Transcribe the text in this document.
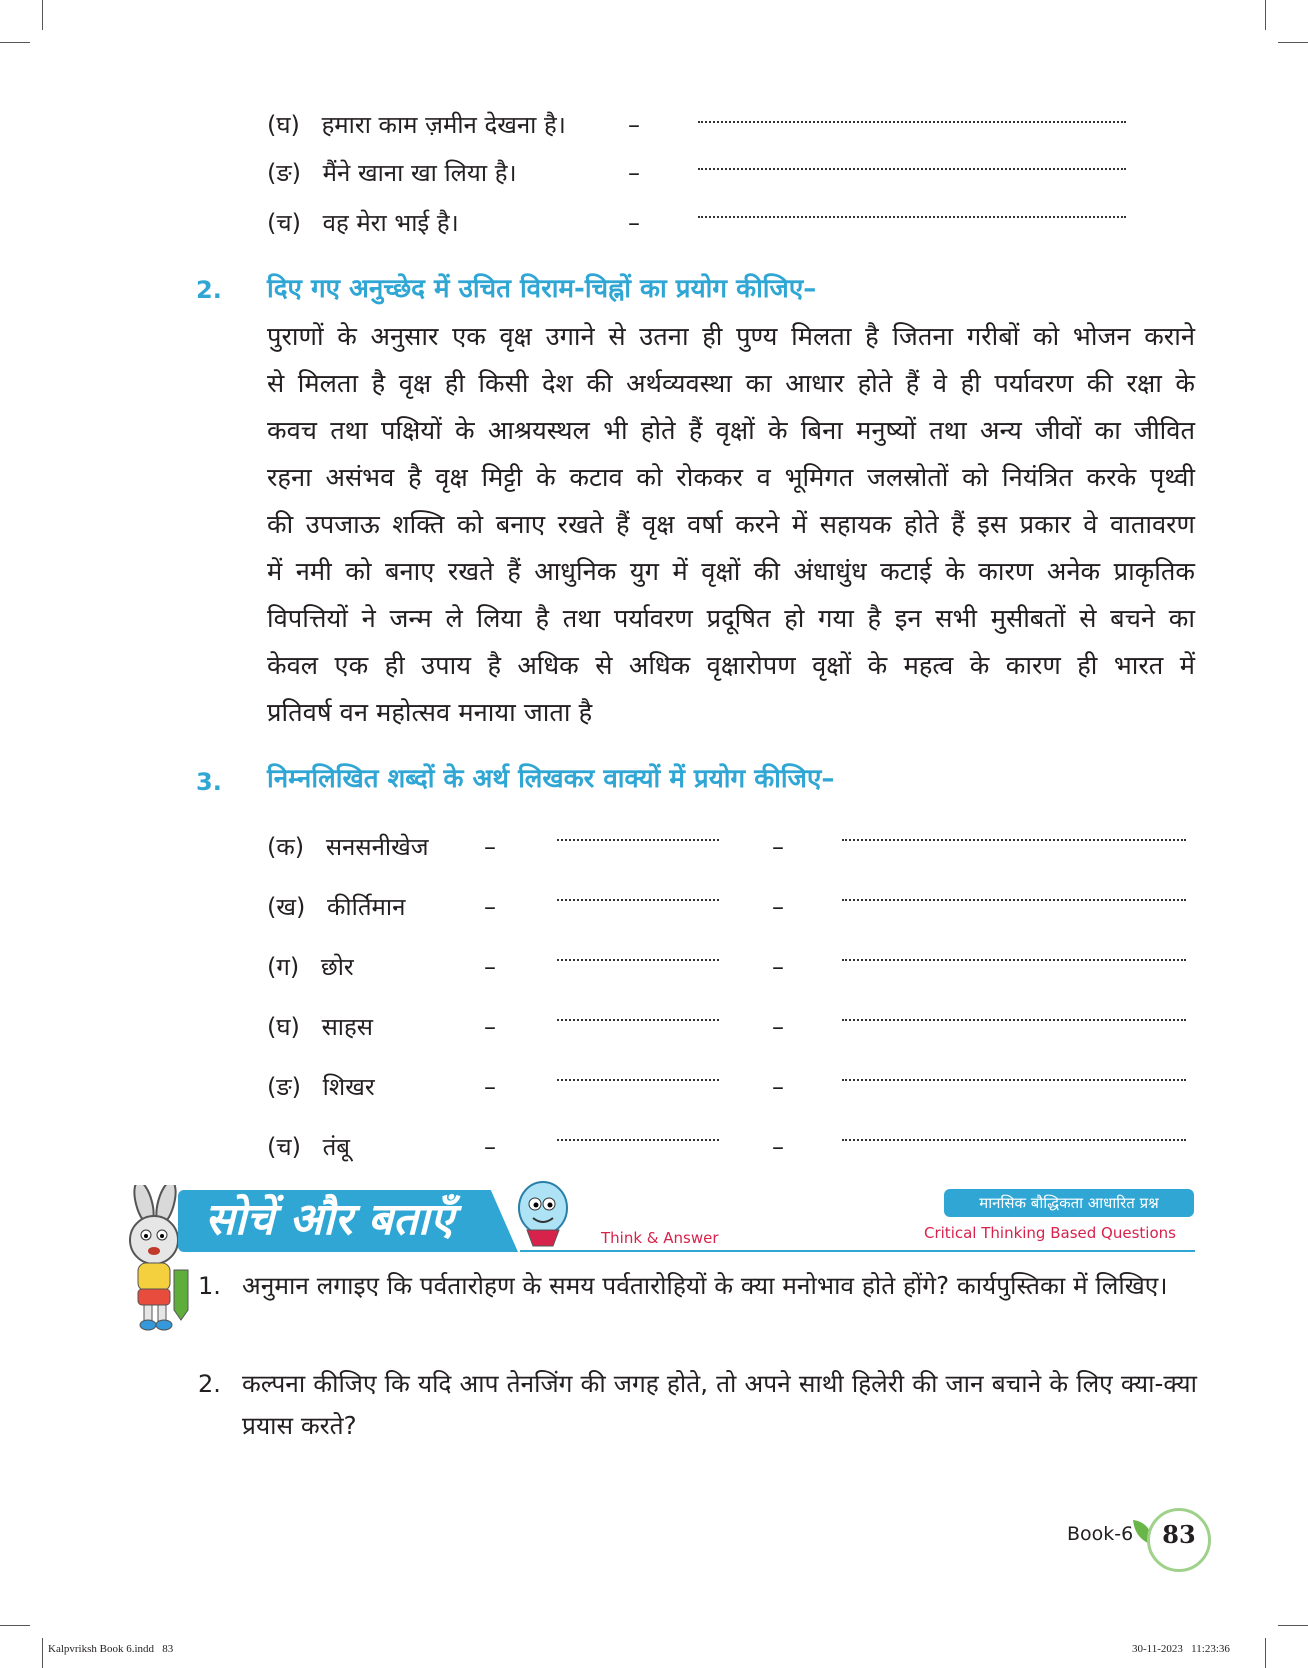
(घ) हमारा काम ज़मीन देखना है।	–
(ङ) मैंने खाना खा लिया है।	–
(च) वह मेरा भाई है।	–
2. दिए गए अनुच्छेद में उचित विराम-चिह्नों का प्रयोग कीजिए–
पुराणों के अनुसार एक वृक्ष उगाने से उतना ही पुण्य मिलता है जितना गरीबों को भोजन कराने
से मिलता है वृक्ष ही किसी देश की अर्थव्यवस्था का आधार होते हैं वे ही पर्यावरण की रक्षा के
कवच तथा पक्षियों के आश्रयस्थल भी होते हैं वृक्षों के बिना मनुष्यों तथा अन्य जीवों का जीवित
रहना असंभव है वृक्ष मिट्टी के कटाव को रोककर व भूमिगत जलस्रोतों को नियंत्रित करके पृथ्वी
की उपजाऊ शक्ति को बनाए रखते हैं वृक्ष वर्षा करने में सहायक होते हैं इस प्रकार वे वातावरण
में नमी को बनाए रखते हैं आधुनिक युग में वृक्षों की अंधाधुंध कटाई के कारण अनेक प्राकृतिक
विपत्तियों ने जन्म ले लिया है तथा पर्यावरण प्रदूषित हो गया है इन सभी मुसीबतों से बचने का
केवल एक ही उपाय है अधिक से अधिक वृक्षारोपण वृक्षों के महत्व के कारण ही भारत में
प्रतिवर्ष वन महोत्सव मनाया जाता है
3. निम्नलिखित शब्दों के अर्थ लिखकर वाक्यों में प्रयोग कीजिए–
(क) सनसनीखेज –	–
(ख) कीर्तिमान	–	–
(ग) छोर	–	–
(घ) साहस	–	–
(ङ) शिखर	–	–
(च) तंबू	–	–
सोचें और बताएँ	Think & Answer
मानसिक बौद्धिकता आधारित प्रश्न
Critical Thinking Based Questions
1. अनुमान लगाइए कि पर्वतारोहण के समय पर्वतारोहियों के क्या मनोभाव होते होंगे? कार्यपुस्तिका में लिखिए।
2. कल्पना कीजिए कि यदि आप तेनजिंग की जगह होते, तो अपने साथी हिलेरी की जान बचाने के लिए क्या-क्या प्रयास करते?
Book-6	83
Kalpvriksh Book 6.indd   83	30-11-2023   11:23:36
